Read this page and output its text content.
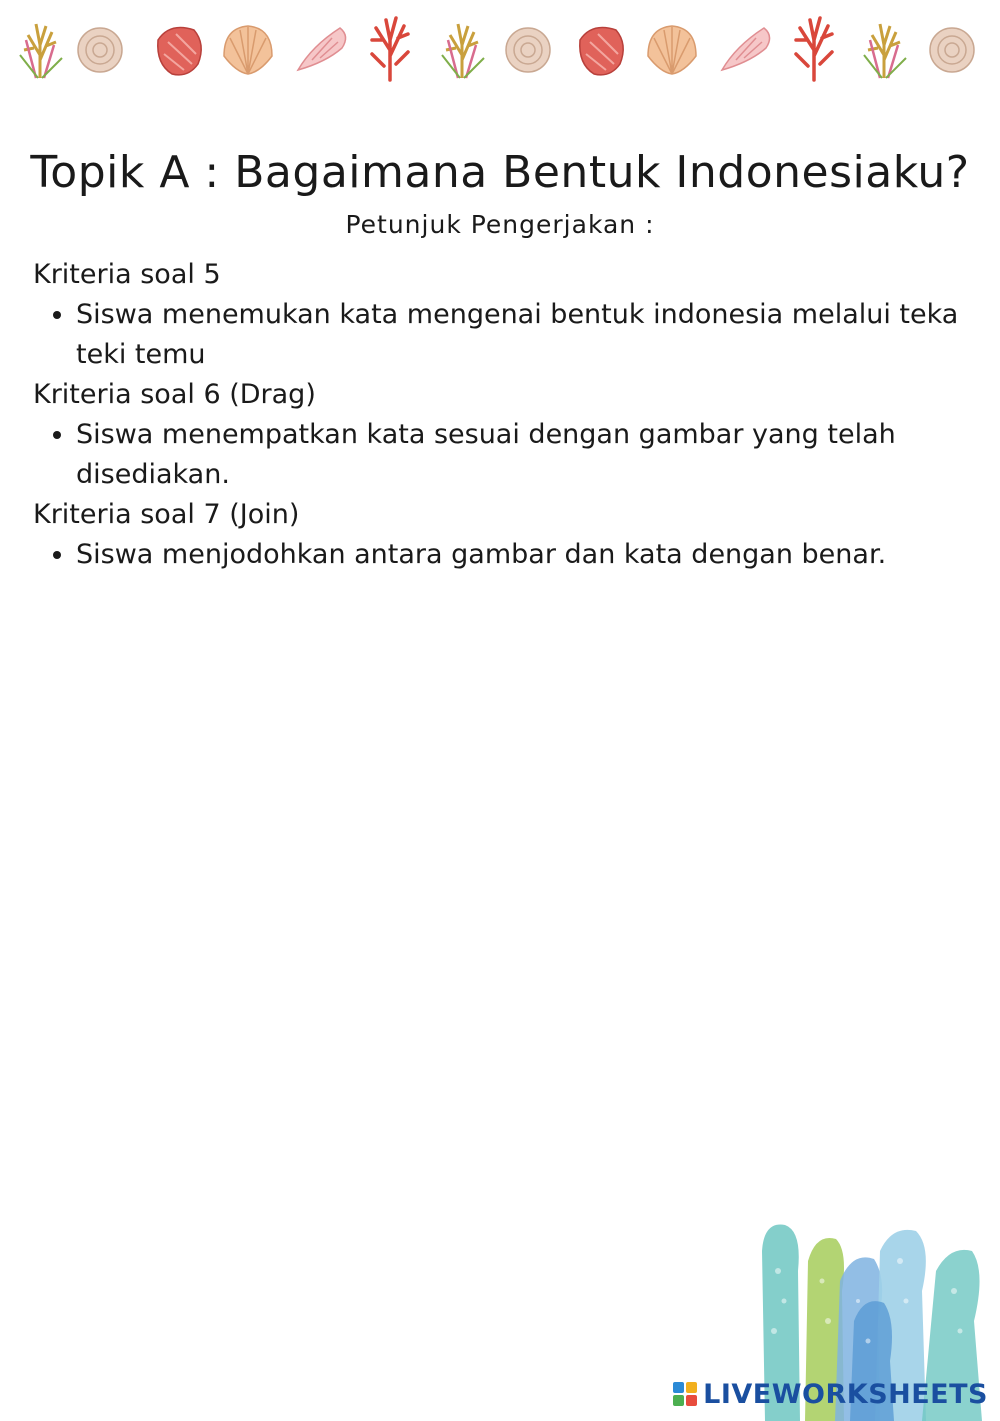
Topik A : Bagaimana Bentuk Indonesiaku?
Petunjuk Pengerjakan :

Kriteria soal 5

• Siswa menemukan kata mengenai bentuk indonesia melalui teka teki temu

Kriteria soal 6 (Drag)

• Siswa menempatkan kata sesuai dengan gambar yang telah disediakan.

Kriteria soal 7 (Join)

• Siswa menjodohkan antara gambar dan kata dengan benar.
LIVEWORKSHEETS
